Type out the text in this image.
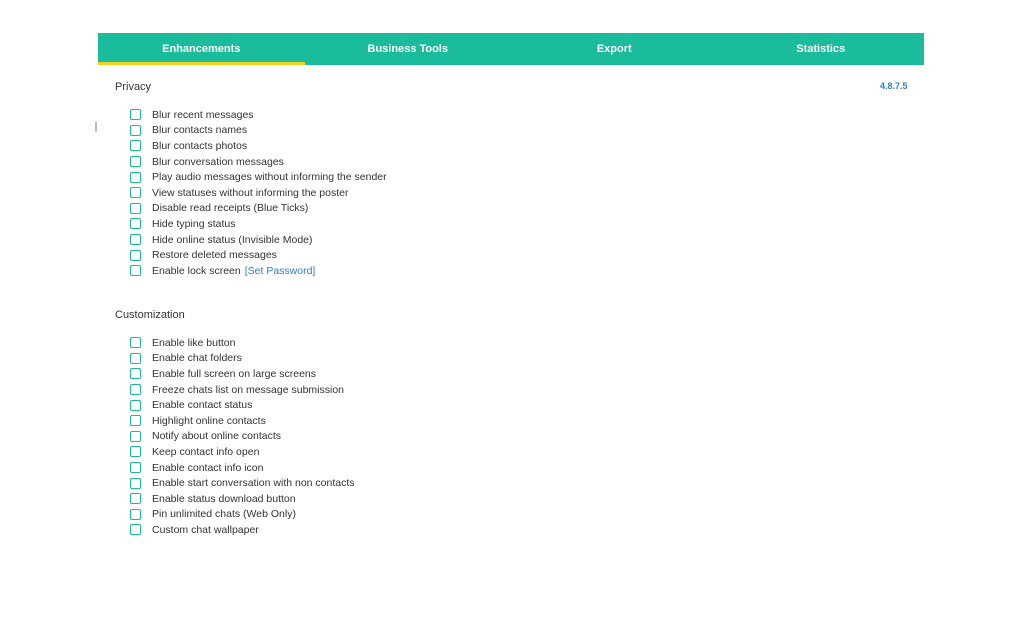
Enhancements	Business Tools	Export	Statistics
4.8.7.5
Privacy
Blur recent messages
Blur contacts names
Blur contacts photos
Blur conversation messages
Play audio messages without informing the sender
View statuses without informing the poster
Disable read receipts (Blue Ticks)
Hide typing status
Hide online status (Invisible Mode)
Restore deleted messages
Enable lock screen [Set Password]
Customization
Enable like button
Enable chat folders
Enable full screen on large screens
Freeze chats list on message submission
Enable contact status
Highlight online contacts
Notify about online contacts
Keep contact info open
Enable contact info icon
Enable start conversation with non contacts
Enable status download button
Pin unlimited chats (Web Only)
Custom chat wallpaper
